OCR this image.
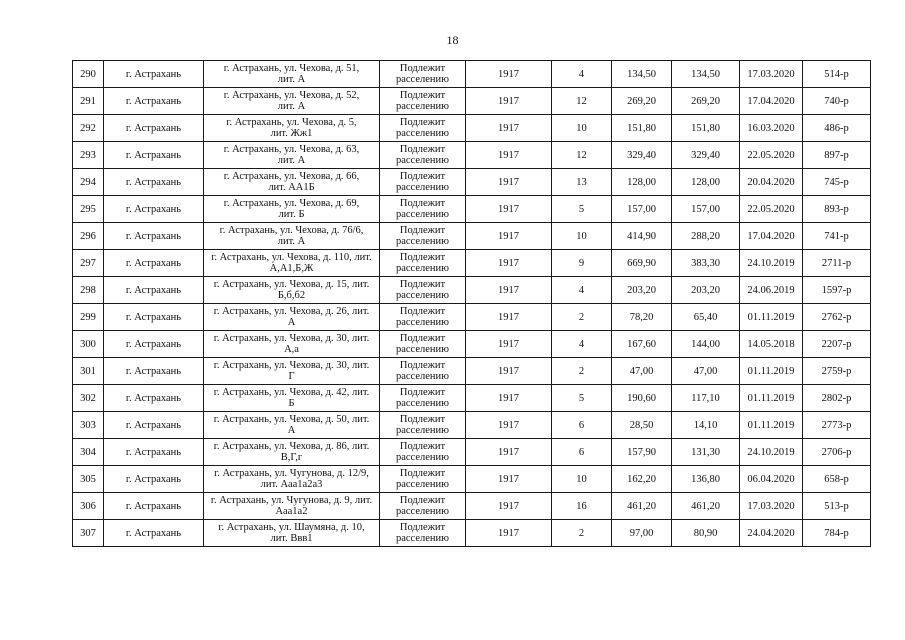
18
290	г. Астрахань	г. Астрахань, ул. Чехова, д. 51,
лит. А	Подлежит
расселению	1917	4	134,50	134,50	17.03.2020	514-р
291	г. Астрахань	г. Астрахань, ул. Чехова, д. 52,
лит. А	Подлежит
расселению	1917	12	269,20	269,20	17.04.2020	740-р
292	г. Астрахань	г. Астрахань, ул. Чехова, д. 5,
лит. Жж1	Подлежит
расселению	1917	10	151,80	151,80	16.03.2020	486-р
293	г. Астрахань	г. Астрахань, ул. Чехова, д. 63,
лит. А	Подлежит
расселению	1917	12	329,40	329,40	22.05.2020	897-р
294	г. Астрахань	г. Астрахань, ул. Чехова, д. 66,
лит. АА1Б	Подлежит
расселению	1917	13	128,00	128,00	20.04.2020	745-р
295	г. Астрахань	г. Астрахань, ул. Чехова, д. 69,
лит. Б	Подлежит
расселению	1917	5	157,00	157,00	22.05.2020	893-р
296	г. Астрахань	г. Астрахань, ул. Чехова, д. 76/6,
лит. А	Подлежит
расселению	1917	10	414,90	288,20	17.04.2020	741-р
297	г. Астрахань	г. Астрахань, ул. Чехова, д. 110, лит.
А,А1,Б,Ж	Подлежит
расселению	1917	9	669,90	383,30	24.10.2019	2711-р
298	г. Астрахань	г. Астрахань, ул. Чехова, д. 15, лит.
Б,б,б2	Подлежит
расселению	1917	4	203,20	203,20	24.06.2019	1597-р
299	г. Астрахань	г. Астрахань, ул. Чехова, д. 26, лит.
А	Подлежит
расселению	1917	2	78,20	65,40	01.11.2019	2762-р
300	г. Астрахань	г. Астрахань, ул. Чехова, д. 30, лит.
А,а	Подлежит
расселению	1917	4	167,60	144,00	14.05.2018	2207-р
301	г. Астрахань	г. Астрахань, ул. Чехова, д. 30, лит.
Г	Подлежит
расселению	1917	2	47,00	47,00	01.11.2019	2759-р
302	г. Астрахань	г. Астрахань, ул. Чехова, д. 42, лит.
Б	Подлежит
расселению	1917	5	190,60	117,10	01.11.2019	2802-р
303	г. Астрахань	г. Астрахань, ул. Чехова, д. 50, лит.
А	Подлежит
расселению	1917	6	28,50	14,10	01.11.2019	2773-р
304	г. Астрахань	г. Астрахань, ул. Чехова, д. 86, лит.
В,Г,г	Подлежит
расселению	1917	6	157,90	131,30	24.10.2019	2706-р
305	г. Астрахань	г. Астрахань, ул. Чугунова, д. 12/9,
лит. Ааа1а2а3	Подлежит
расселению	1917	10	162,20	136,80	06.04.2020	658-р
306	г. Астрахань	г. Астрахань, ул. Чугунова, д. 9, лит.
Ааа1а2	Подлежит
расселению	1917	16	461,20	461,20	17.03.2020	513-р
307	г. Астрахань	г. Астрахань, ул. Шаумяна, д. 10,
лит. Ввв1	Подлежит
расселению	1917	2	97,00	80,90	24.04.2020	784-р
